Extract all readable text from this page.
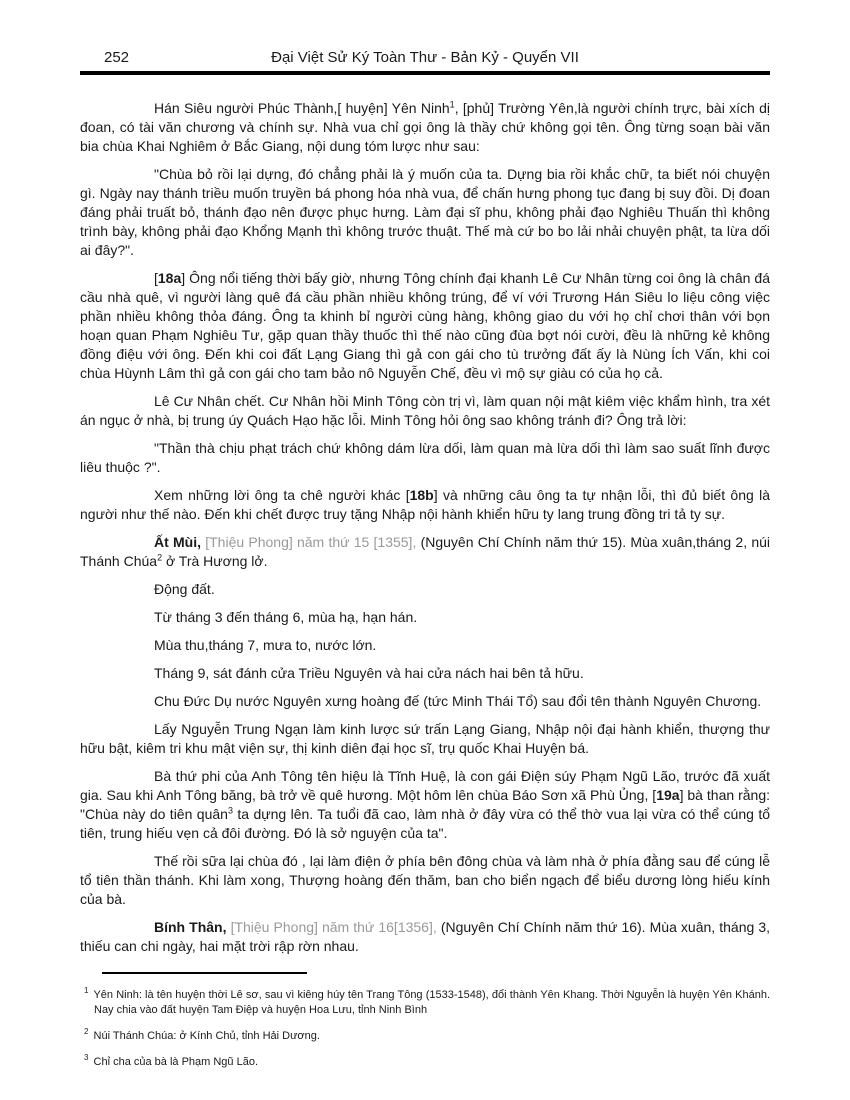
252	Đại Việt Sử Ký Toàn Thư - Bản Kỷ - Quyển VII

Hán Siêu người Phúc Thành,[ huyện] Yên Ninh$^1$, [phủ] Trường Yên,là người chính trực, bài xích dị đoan, có tài văn chương và chính sự. Nhà vua chỉ gọi ông là thầy chứ không gọi tên. Ông từng soạn bài văn bia chùa Khai Nghiêm ở Bắc Giang, nội dung tóm lược như sau:

"Chùa bỏ rồi lại dựng, đó chẳng phải là ý muốn của ta. Dựng bia rồi khắc chữ, ta biết nói chuyện gì. Ngày nay thánh triều muốn truyền bá phong hóa nhà vua, để chấn hưng phong tục đang bị suy đồi. Dị đoan đáng phải truất bỏ, thánh đạo nên được phục hưng. Làm đại sĩ phu, không phải đạo Nghiêu Thuấn thì không trình bày, không phải đạo Khổng Mạnh thì không trước thuật. Thế mà cứ bo bo lải nhải chuyện phật, ta lừa dối ai đây?".

[18a] Ông nổi tiếng thời bấy giờ, nhưng Tông chính đại khanh Lê Cư Nhân từng coi ông là chân đá cầu nhà quê, vì người làng quê đá cầu phần nhiều không trúng, để ví với Trương Hán Siêu lo liệu công việc phần nhiều không thỏa đáng. Ông ta khinh bỉ người cùng hàng, không giao du với họ chỉ chơi thân với bọn hoạn quan Phạm Nghiêu Tư, gặp quan thầy thuốc thì thế nào cũng đùa bợt nói cười, đều là những kẻ không đồng điệu với ông. Đến khi coi đất Lạng Giang thì gả con gái cho tù trưởng đất ấy là Nùng Ích Vấn, khi coi chùa Hùynh Lâm thì gả con gái cho tam bảo nô Nguyễn Chế, đều vì mộ sự giàu có của họ cả.

Lê Cư Nhân chết. Cư Nhân hồi Minh Tông còn trị vì, làm quan nội mật kiêm việc khẩm hình, tra xét án ngục ở nhà, bị trung úy Quách Hạo hặc lỗi. Minh Tông hỏi ông sao không tránh đi? Ông trả lời:

"Thần thà chịu phạt trách chứ không dám lừa dối, làm quan mà lừa dối thì làm sao suất lĩnh được liêu thuộc ?".

Xem những lời ông ta chê người khác [18b] và những câu ông ta tự nhận lỗi, thì đủ biết ông là người như thế nào. Đến khi chết được truy tặng Nhập nội hành khiển hữu ty lang trung đồng tri tả ty sự.

Ất Mùi, [Thiệu Phong] năm thứ 15 [1355], (Nguyên Chí Chính năm thứ 15). Mùa xuân,tháng 2, núi Thánh Chúa$^2$ ở Trà Hương lở.

Động đất.

Từ tháng 3 đến tháng 6, mùa hạ, hạn hán.

Mùa thu,tháng 7, mưa to, nước lớn.

Tháng 9, sát đánh cửa Triều Nguyên và hai cửa nách hai bên tả hữu.

Chu Đức Dụ nước Nguyên xưng hoàng đế (tức Minh Thái Tổ) sau đổi tên thành Nguyên Chương.

Lấy Nguyễn Trung Ngạn làm kinh lược sứ trấn Lạng Giang, Nhập nội đại hành khiển, thượng thư hữu bật, kiêm tri khu mật viện sự, thị kinh diên đại học sĩ, trụ quốc Khai Huyện bá.

Bà thứ phi của Anh Tông tên hiệu là Tĩnh Huệ, là con gái Điện súy Phạm Ngũ Lão, trước đã xuất gia. Sau khi Anh Tông băng, bà trở về quê hương. Một hôm lên chùa Báo Sơn xã Phù Ủng, [19a] bà than rằng: "Chùa này do tiên quân$^3$ ta dựng lên. Ta tuổi đã cao, làm nhà ở đây vừa có thể thờ vua lại vừa có thể cúng tổ tiên, trung hiếu vẹn cả đôi đường. Đó là sở nguyện của ta".

Thế rồi sữa lại chùa đó , lại làm điện ở phía bên đông chùa và làm nhà ở phía đằng sau để cúng lễ tổ tiên thần thánh. Khi làm xong, Thượng hoàng đến thăm, ban cho biển ngạch để biểu dương lòng hiếu kính của bà.

Bính Thân, [Thiệu Phong] năm thứ 16[1356], (Nguyên Chí Chính năm thứ 16). Mùa xuân, tháng 3, thiếu can chi ngày, hai mặt trời rập rờn nhau.

$^1$ Yên Ninh: là tên huyện thời Lê sơ, sau vì kiêng húy tên Trang Tông (1533-1548), đổi thành Yên Khang. Thời Nguyễn là huyện Yên Khánh. Nay chia vào đất huyện Tam Điệp và huyện Hoa Lưu, tỉnh Ninh Bình

$^2$ Núi Thánh Chúa: ở Kính Chủ, tỉnh Hải Dương.

$^3$ Chỉ cha của bà là Phạm Ngũ Lão.
